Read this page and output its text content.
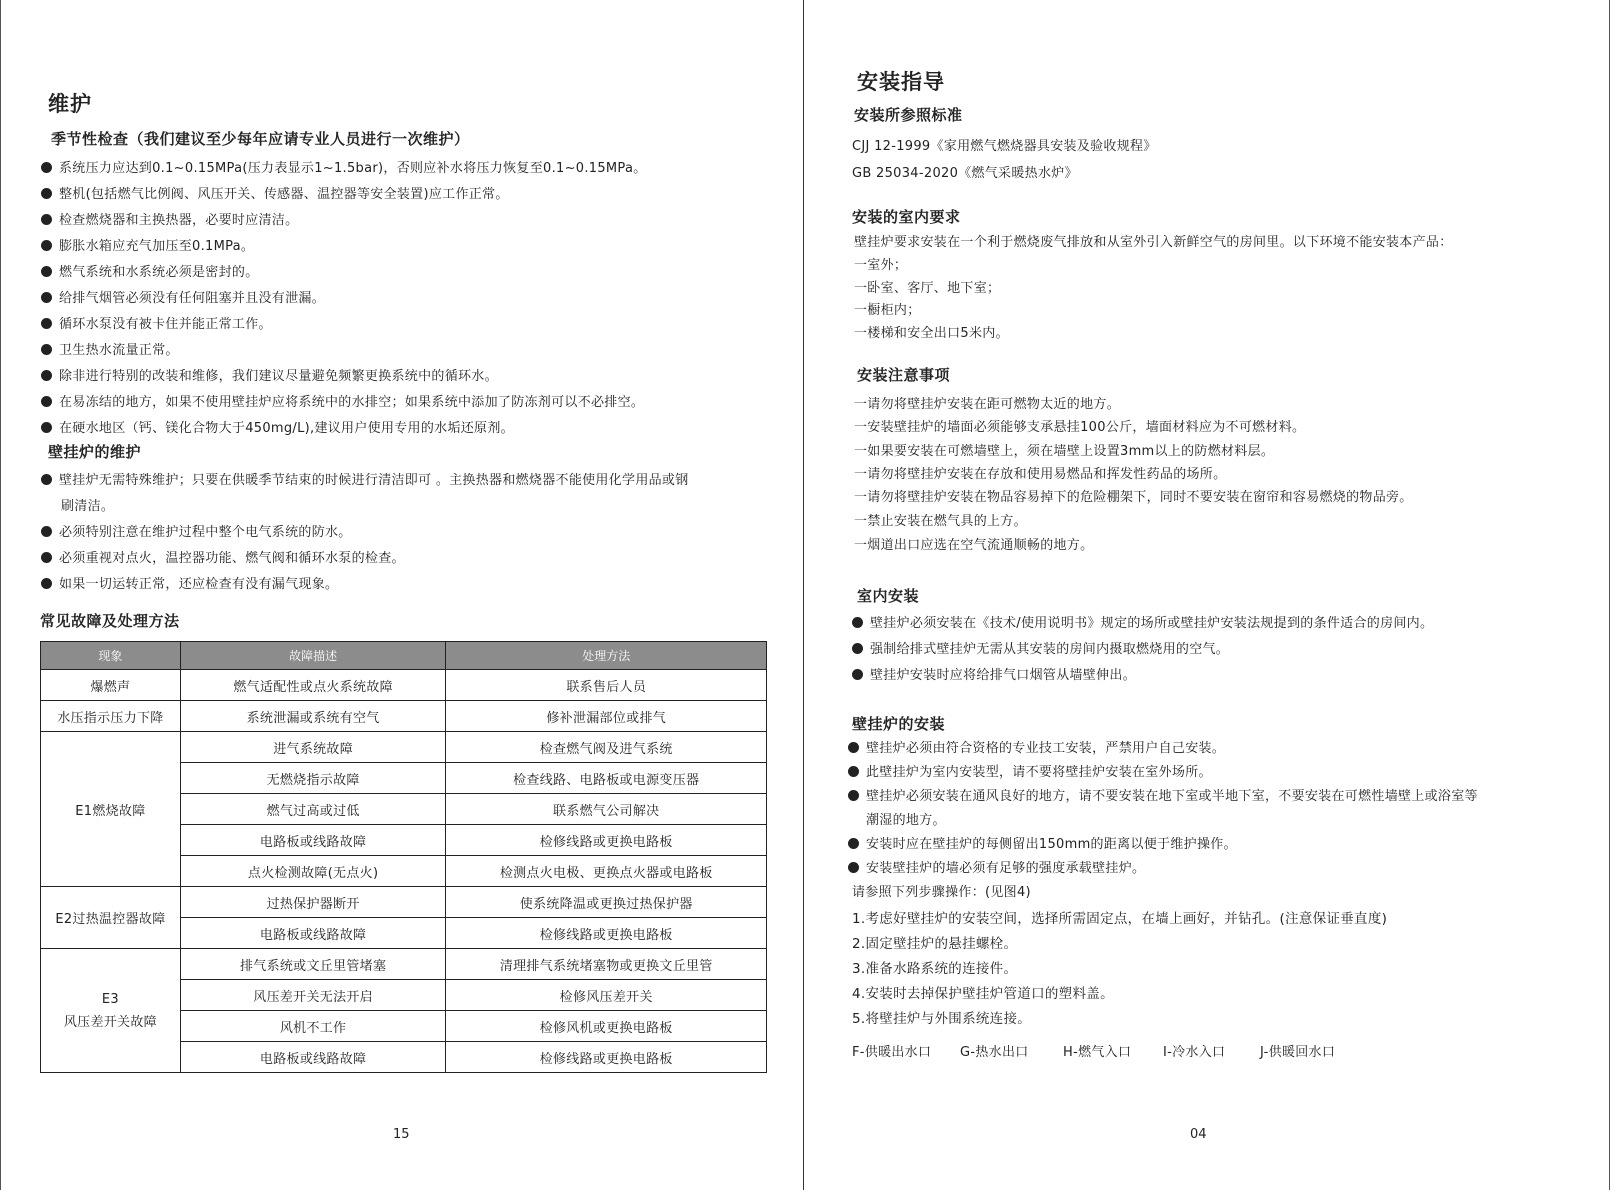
维护
季节性检查（我们建议至少每年应请专业人员进行一次维护）
系统压力应达到0.1~0.15MPa(压力表显示1~1.5bar)，否则应补水将压力恢复至0.1~0.15MPa。
整机(包括燃气比例阀、风压开关、传感器、温控器等安全装置)应工作正常。
检查燃烧器和主换热器，必要时应清洁。
膨胀水箱应充气加压至0.1MPa。
燃气系统和水系统必须是密封的。
给排气烟管必须没有任何阻塞并且没有泄漏。
循环水泵没有被卡住并能正常工作。
卫生热水流量正常。
除非进行特别的改装和维修，我们建议尽量避免频繁更换系统中的循环水。
在易冻结的地方，如果不使用壁挂炉应将系统中的水排空；如果系统中添加了防冻剂可以不必排空。
在硬水地区（钙、镁化合物大于450mg/L),建议用户使用专用的水垢还原剂。
壁挂炉的维护
壁挂炉无需特殊维护；只要在供暖季节结束的时候进行清洁即可 。主换热器和燃烧器不能使用化学用品或钢
刷清洁。
必须特别注意在维护过程中整个电气系统的防水。
必须重视对点火，温控器功能、燃气阀和循环水泵的检查。
如果一切运转正常，还应检查有没有漏气现象。
常见故障及处理方法
现象	故障描述	处理方法
爆燃声	燃气适配性或点火系统故障	联系售后人员
水压指示压力下降	系统泄漏或系统有空气	修补泄漏部位或排气
E1燃烧故障	进气系统故障	检查燃气阀及进气系统
	无燃烧指示故障	检查线路、电路板或电源变压器
	燃气过高或过低	联系燃气公司解决
	电路板或线路故障	检修线路或更换电路板
	点火检测故障(无点火)	检测点火电极、更换点火器或电路板
E2过热温控器故障	过热保护器断开	使系统降温或更换过热保护器
	电路板或线路故障	检修线路或更换电路板

E3
风压差开关故障	排气系统或文丘里管堵塞	清理排气系统堵塞物或更换文丘里管
	风压差开关无法开启	检修风压差开关
	风机不工作	检修风机或更换电路板
	电路板或线路故障	检修线路或更换电路板
15
安装指导
安装所参照标准
CJJ 12-1999《家用燃气燃烧器具安装及验收规程》
GB 25034-2020《燃气采暖热水炉》
安装的室内要求
壁挂炉要求安装在一个利于燃烧废气排放和从室外引入新鲜空气的房间里。以下环境不能安装本产品：
一室外；
一卧室、客厅、地下室；
一橱柜内；
一楼梯和安全出口5米内。
安装注意事项
一请勿将壁挂炉安装在距可燃物太近的地方。
一安装壁挂炉的墙面必须能够支承悬挂100公斤，墙面材料应为不可燃材料。
一如果要安装在可燃墙壁上，须在墙壁上设置3mm以上的防燃材料层。
一请勿将壁挂炉安装在存放和使用易燃品和挥发性药品的场所。
一请勿将壁挂炉安装在物品容易掉下的危险棚架下，同时不要安装在窗帘和容易燃烧的物品旁。
一禁止安装在燃气具的上方。
一烟道出口应选在空气流通顺畅的地方。
室内安装
壁挂炉必须安装在《技术/使用说明书》规定的场所或壁挂炉安装法规提到的条件适合的房间内。
强制给排式壁挂炉无需从其安装的房间内摄取燃烧用的空气。
壁挂炉安装时应将给排气口烟管从墙壁伸出。
壁挂炉的安装
壁挂炉必须由符合资格的专业技工安装，严禁用户自己安装。
此壁挂炉为室内安装型，请不要将壁挂炉安装在室外场所。
壁挂炉必须安装在通风良好的地方，请不要安装在地下室或半地下室，不要安装在可燃性墙壁上或浴室等
潮湿的地方。
安装时应在壁挂炉的每侧留出150mm的距离以便于维护操作。
安装壁挂炉的墙必须有足够的强度承载壁挂炉。
请参照下列步骤操作：(见图4)
1.考虑好壁挂炉的安装空间，选择所需固定点，在墙上画好，并钻孔。(注意保证垂直度)
2.固定壁挂炉的悬挂螺栓。
3.准备水路系统的连接件。
4.安装时去掉保护壁挂炉管道口的塑料盖。
5.将壁挂炉与外围系统连接。
F-供暖出水口 G-热水出口	H-燃气入口 I-冷水入口	J-供暖回水口
04
